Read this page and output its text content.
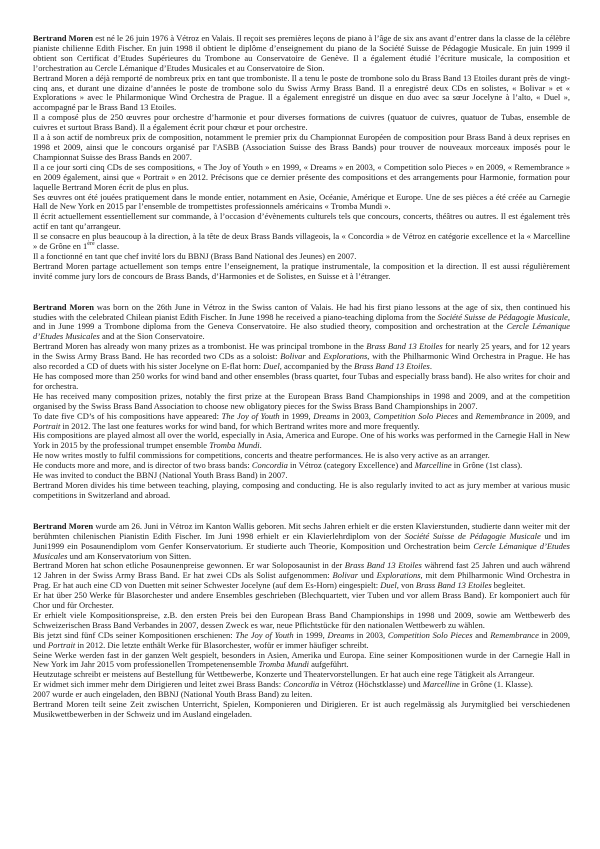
Bertrand Moren est né le 26 juin 1976 à Vétroz en Valais. Il reçoit ses premières leçons de piano à l’âge de six ans avant d’entrer dans la classe de la célèbre pianiste chilienne Edith Fischer. En juin 1998 il obtient le diplôme d’enseignement du piano de la Société Suisse de Pédagogie Musicale. En juin 1999 il obtient son Certificat d’Etudes Supérieures du Trombone au Conservatoire de Genève. Il a également étudié l’écriture musicale, la composition et l’orchestration au Cercle Lémanique d’Etudes Musicales et au Conservatoire de Sion.

Bertrand Moren a déjà remporté de nombreux prix en tant que tromboniste. Il a tenu le poste de trombone solo du Brass Band 13 Etoiles durant près de vingt-cinq ans, et durant une dizaine d’années le poste de trombone solo du Swiss Army Brass Band. Il a enregistré deux CDs en solistes, « Bolivar » et « Explorations » avec le Philarmonique Wind Orchestra de Prague. Il a également enregistré un disque en duo avec sa sœur Jocelyne à l’alto, « Duel », accompagné par le Brass Band 13 Etoiles.

Il a composé plus de 250 œuvres pour orchestre d’harmonie et pour diverses formations de cuivres (quatuor de cuivres, quatuor de Tubas, ensemble de cuivres et surtout Brass Band). Il a également écrit pour chœur et pour orchestre.

Il a à son actif de nombreux prix de composition, notamment le premier prix du Championnat Européen de composition pour Brass Band à deux reprises en 1998 et 2009, ainsi que le concours organisé par l'ASBB (Association Suisse des Brass Bands) pour trouver de nouveaux morceaux imposés pour le Championnat Suisse des Brass Bands en 2007.

Il a ce jour sorti cinq CDs de ses compositions, « The Joy of Youth » en 1999, « Dreams » en 2003, « Competition solo Pieces » en 2009, « Remembrance » en 2009 également, ainsi que « Portrait » en 2012. Précisons que ce dernier présente des compositions et des arrangements pour Harmonie, formation pour laquelle Bertrand Moren écrit de plus en plus.

Ses œuvres ont été jouées pratiquement dans le monde entier, notamment en Asie, Océanie, Amérique et Europe. Une de ses pièces a été créée au Carnegie Hall de New York en 2015 par l’ensemble de trompettistes professionnels américains « Tromba Mundi ».

Il écrit actuellement essentiellement sur commande, à l’occasion d’évènements culturels tels que concours, concerts, théâtres ou autres. Il est également très actif en tant qu’arrangeur.

Il se consacre en plus beaucoup à la direction, à la tête de deux Brass Bands villageois, la « Concordia » de Vétroz en catégorie excellence et la « Marcelline » de Grône en 1ère classe.

Il a fonctionné en tant que chef invité lors du BBNJ (Brass Band National des Jeunes) en 2007.

Bertrand Moren partage actuellement son temps entre l’enseignement, la pratique instrumentale, la composition et la direction. Il est aussi régulièrement invité comme jury lors de concours de Brass Bands, d’Harmonies et de Solistes, en Suisse et à l’étranger.

Bertrand Moren was born on the 26th June in Vétroz in the Swiss canton of Valais. He had his first piano lessons at the age of six, then continued his studies with the celebrated Chilean pianist Edith Fischer. In June 1998 he received a piano-teaching diploma from the Société Suisse de Pédagogie Musicale, and in June 1999 a Trombone diploma from the Geneva Conservatoire. He also studied theory, composition and orchestration at the Cercle Lémanique d’Etudes Musicales and at the Sion Conservatoire.

Bertrand Moren has already won many prizes as a trombonist. He was principal trombone in the Brass Band 13 Etoiles for nearly 25 years, and for 12 years in the Swiss Army Brass Band. He has recorded two CDs as a soloist: Bolivar and Explorations, with the Philharmonic Wind Orchestra in Prague. He has also recorded a CD of duets with his sister Jocelyne on E-flat horn: Duel, accompanied by the Brass Band 13 Etoiles.

He has composed more than 250 works for wind band and other ensembles (brass quartet, four Tubas and especially brass band). He also writes for choir and for orchestra.

He has received many composition prizes, notably the first prize at the European Brass Band Championships in 1998 and 2009, and at the competition organised by the Swiss Brass Band Association to choose new obligatory pieces for the Swiss Brass Band Championships in 2007.

To date five CD’s of his compositions have appeared: The Joy of Youth in 1999, Dreams in 2003, Competition Solo Pieces and Remembrance in 2009, and Portrait in 2012. The last one features works for wind band, for which Bertrand writes more and more frequently.

His compositions are played almost all over the world, especially in Asia, America and Europe. One of his works was performed in the Carnegie Hall in New York in 2015 by the professional trumpet ensemble Tromba Mundi.

He now writes mostly to fulfil commissions for competitions, concerts and theatre performances. He is also very active as an arranger.

He conducts more and more, and is director of two brass bands: Concordia in Vétroz (category Excellence) and Marcelline in Grône (1st class).

He was invited to conduct the BBNJ (National Youth Brass Band) in 2007.

Bertrand Moren divides his time between teaching, playing, composing and conducting. He is also regularly invited to act as jury member at various music competitions in Switzerland and abroad.

Bertrand Moren wurde am 26. Juni in Vétroz im Kanton Wallis geboren. Mit sechs Jahren erhielt er die ersten Klavierstunden, studierte dann weiter mit der berühmten chilenischen Pianistin Edith Fischer. Im Juni 1998 erhielt er ein Klavierlehrdiplom von der Société Suisse de Pédagogie Musicale und im Juni1999 ein Posaunendiplom vom Genfer Konservatorium. Er studierte auch Theorie, Komposition und Orchestration beim Cercle Lémanique d’Etudes Musicales und am Konservatorium von Sitten.

Bertrand Moren hat schon etliche Posaunenpreise gewonnen. Er war Soloposaunist in der Brass Band 13 Etoiles während fast 25 Jahren und auch während 12 Jahren in der Swiss Army Brass Band. Er hat zwei CDs als Solist aufgenommen: Bolivar und Explorations, mit dem Philharmonic Wind Orchestra in Prag. Er hat auch eine CD von Duetten mit seiner Schwester Jocelyne (auf dem Es-Horn) eingespielt: Duel, von Brass Band 13 Etoiles begleitet.

Er hat über 250 Werke für Blasorchester und andere Ensembles geschrieben (Blechquartett, vier Tuben und vor allem Brass Band). Er komponiert auch für Chor und für Orchester.

Er erhielt viele Kompositionspreise, z.B. den ersten Preis bei den European Brass Band Championships in 1998 und 2009, sowie am Wettbewerb des Schweizerischen Brass Band Verbandes in 2007, dessen Zweck es war, neue Pflichtstücke für den nationalen Wettbewerb zu wählen.

Bis jetzt sind fünf CDs seiner Kompositionen erschienen: The Joy of Youth in 1999, Dreams in 2003, Competition Solo Pieces and Remembrance in 2009, und Portrait in 2012. Die letzte enthält Werke für Blasorchester, wofür er immer häufiger schreibt.

Seine Werke werden fast in der ganzen Welt gespielt, besonders in Asien, Amerika und Europa. Eine seiner Kompositionen wurde in der Carnegie Hall in New York im Jahr 2015 vom professionellen Trompetenensemble Tromba Mundi aufgeführt.

Heutzutage schreibt er meistens auf Bestellung für Wettbewerbe, Konzerte und Theatervorstellungen. Er hat auch eine rege Tätigkeit als Arrangeur.

Er widmet sich immer mehr dem Dirigieren und leitet zwei Brass Bands: Concordia in Vétroz (Höchstklasse) und Marcelline in Grône (1. Klasse).

2007 wurde er auch eingeladen, den BBNJ (National Youth Brass Band) zu leiten.

Bertrand Moren teilt seine Zeit zwischen Unterricht, Spielen, Komponieren und Dirigieren. Er ist auch regelmässig als Jurymitglied bei verschiedenen Musikwettbewerben in der Schweiz und im Ausland eingeladen.
